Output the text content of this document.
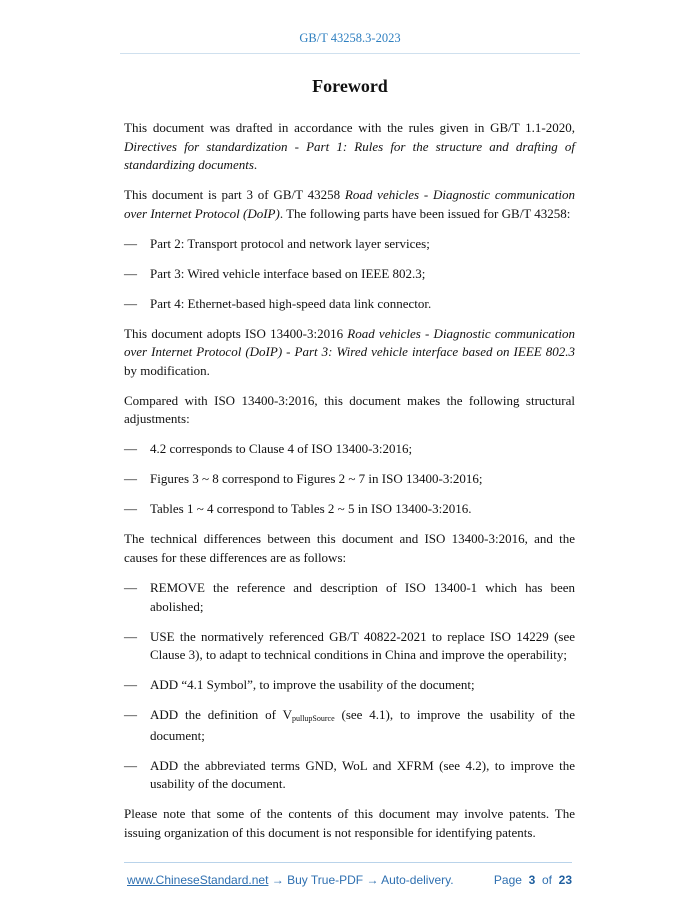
GB/T 43258.3-2023
Foreword

This document was drafted in accordance with the rules given in GB/T 1.1-2020, Directives for standardization - Part 1: Rules for the structure and drafting of standardizing documents.

This document is part 3 of GB/T 43258 Road vehicles - Diagnostic communication over Internet Protocol (DoIP). The following parts have been issued for GB/T 43258:

—	Part 2: Transport protocol and network layer services;
—	Part 3: Wired vehicle interface based on IEEE 802.3;
—	Part 4: Ethernet-based high-speed data link connector.

This document adopts ISO 13400-3:2016 Road vehicles - Diagnostic communication over Internet Protocol (DoIP) - Part 3: Wired vehicle interface based on IEEE 802.3 by modification.

Compared with ISO 13400-3:2016, this document makes the following structural adjustments:

—	4.2 corresponds to Clause 4 of ISO 13400-3:2016;
—	Figures 3 ~ 8 correspond to Figures 2 ~ 7 in ISO 13400-3:2016;
—	Tables 1 ~ 4 correspond to Tables 2 ~ 5 in ISO 13400-3:2016.

The technical differences between this document and ISO 13400-3:2016, and the causes for these differences are as follows:

—	REMOVE the reference and description of ISO 13400-1 which has been abolished;
—	USE the normatively referenced GB/T 40822-2021 to replace ISO 14229 (see Clause 3), to adapt to technical conditions in China and improve the operability;
—	ADD “4.1 Symbol”, to improve the usability of the document;
—	ADD the definition of $V_{pullupSource}$ (see 4.1), to improve the usability of the document;
—	ADD the abbreviated terms GND, WoL and XFRM (see 4.2), to improve the usability of the document.

Please note that some of the contents of this document may involve patents. The issuing organization of this document is not responsible for identifying patents.

www.ChineseStandard.net → Buy True-PDF → Auto-delivery.	Page 3 of 23
